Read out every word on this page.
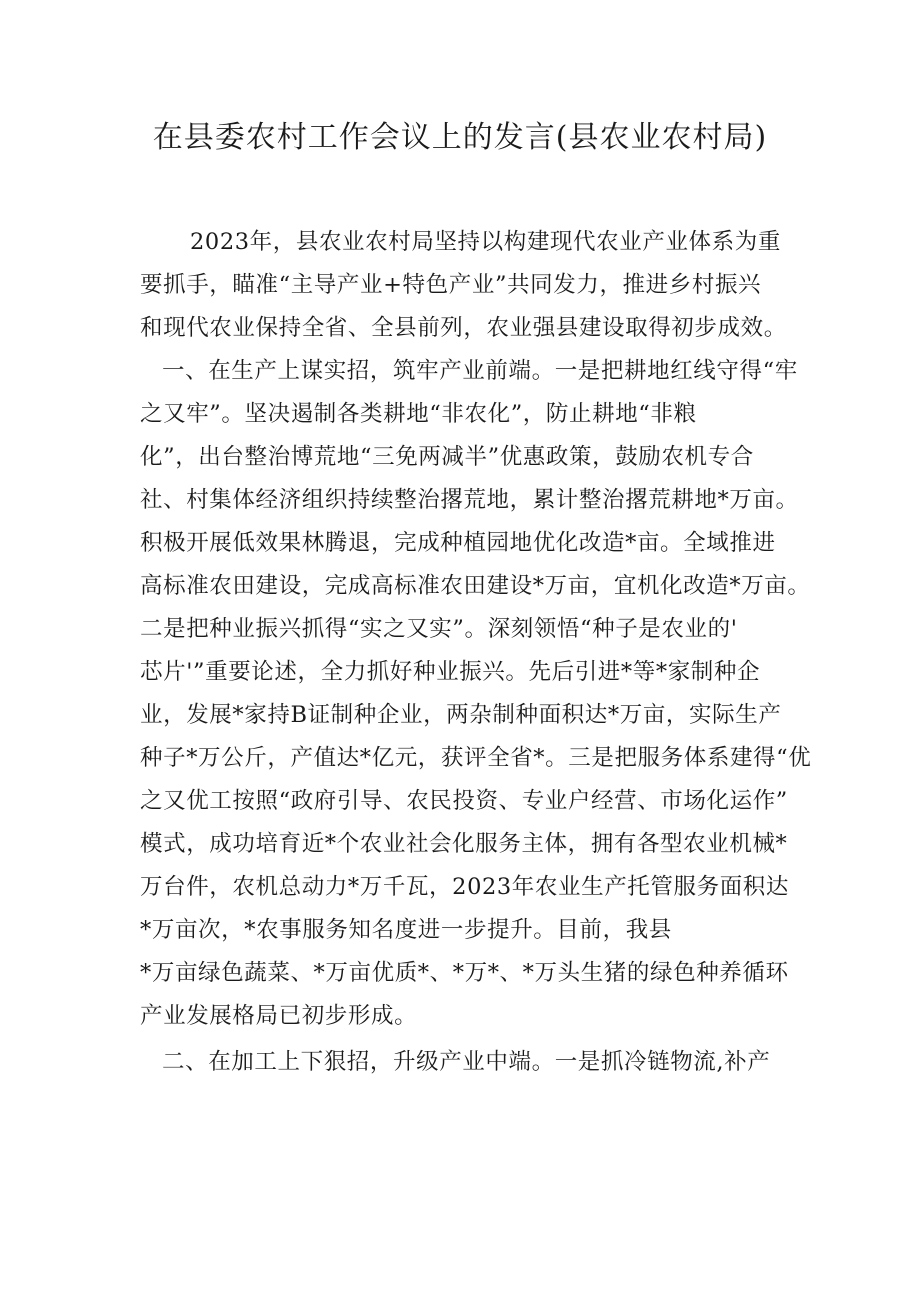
在县委农村工作会议上的发言(县农业农村局)
2023年，县农业农村局坚持以构建现代农业产业体系为重
要抓手，瞄准“主导产业+特色产业”共同发力，推进乡村振兴
和现代农业保持全省、全县前列，农业强县建设取得初步成效。
一、在生产上谋实招，筑牢产业前端。一是把耕地红线守得“牢
之又牢”。坚决遏制各类耕地“非农化”，防止耕地“非粮
化”，出台整治博荒地“三免两减半”优惠政策，鼓励农机专合
社、村集体经济组织持续整治撂荒地，累计整治撂荒耕地*万亩。
积极开展低效果林腾退，完成种植园地优化改造*亩。全域推进
高标准农田建设，完成高标准农田建设*万亩，宜机化改造*万亩。
二是把种业振兴抓得“实之又实”。深刻领悟“种子是农业的'
芯片'”重要论述，全力抓好种业振兴。先后引进*等*家制种企
业，发展*家持B证制种企业，两杂制种面积达*万亩，实际生产
种子*万公斤，产值达*亿元，获评全省*。三是把服务体系建得“优
之又优工按照“政府引导、农民投资、专业户经营、市场化运作”
模式，成功培育近*个农业社会化服务主体，拥有各型农业机械*
万台件，农机总动力*万千瓦，2023年农业生产托管服务面积达
*万亩次，*农事服务知名度进一步提升。目前，我县
*万亩绿色蔬菜、*万亩优质*、*万*、*万头生猪的绿色种养循环
产业发展格局已初步形成。
二、在加工上下狠招，升级产业中端。一是抓冷链物流,补产
